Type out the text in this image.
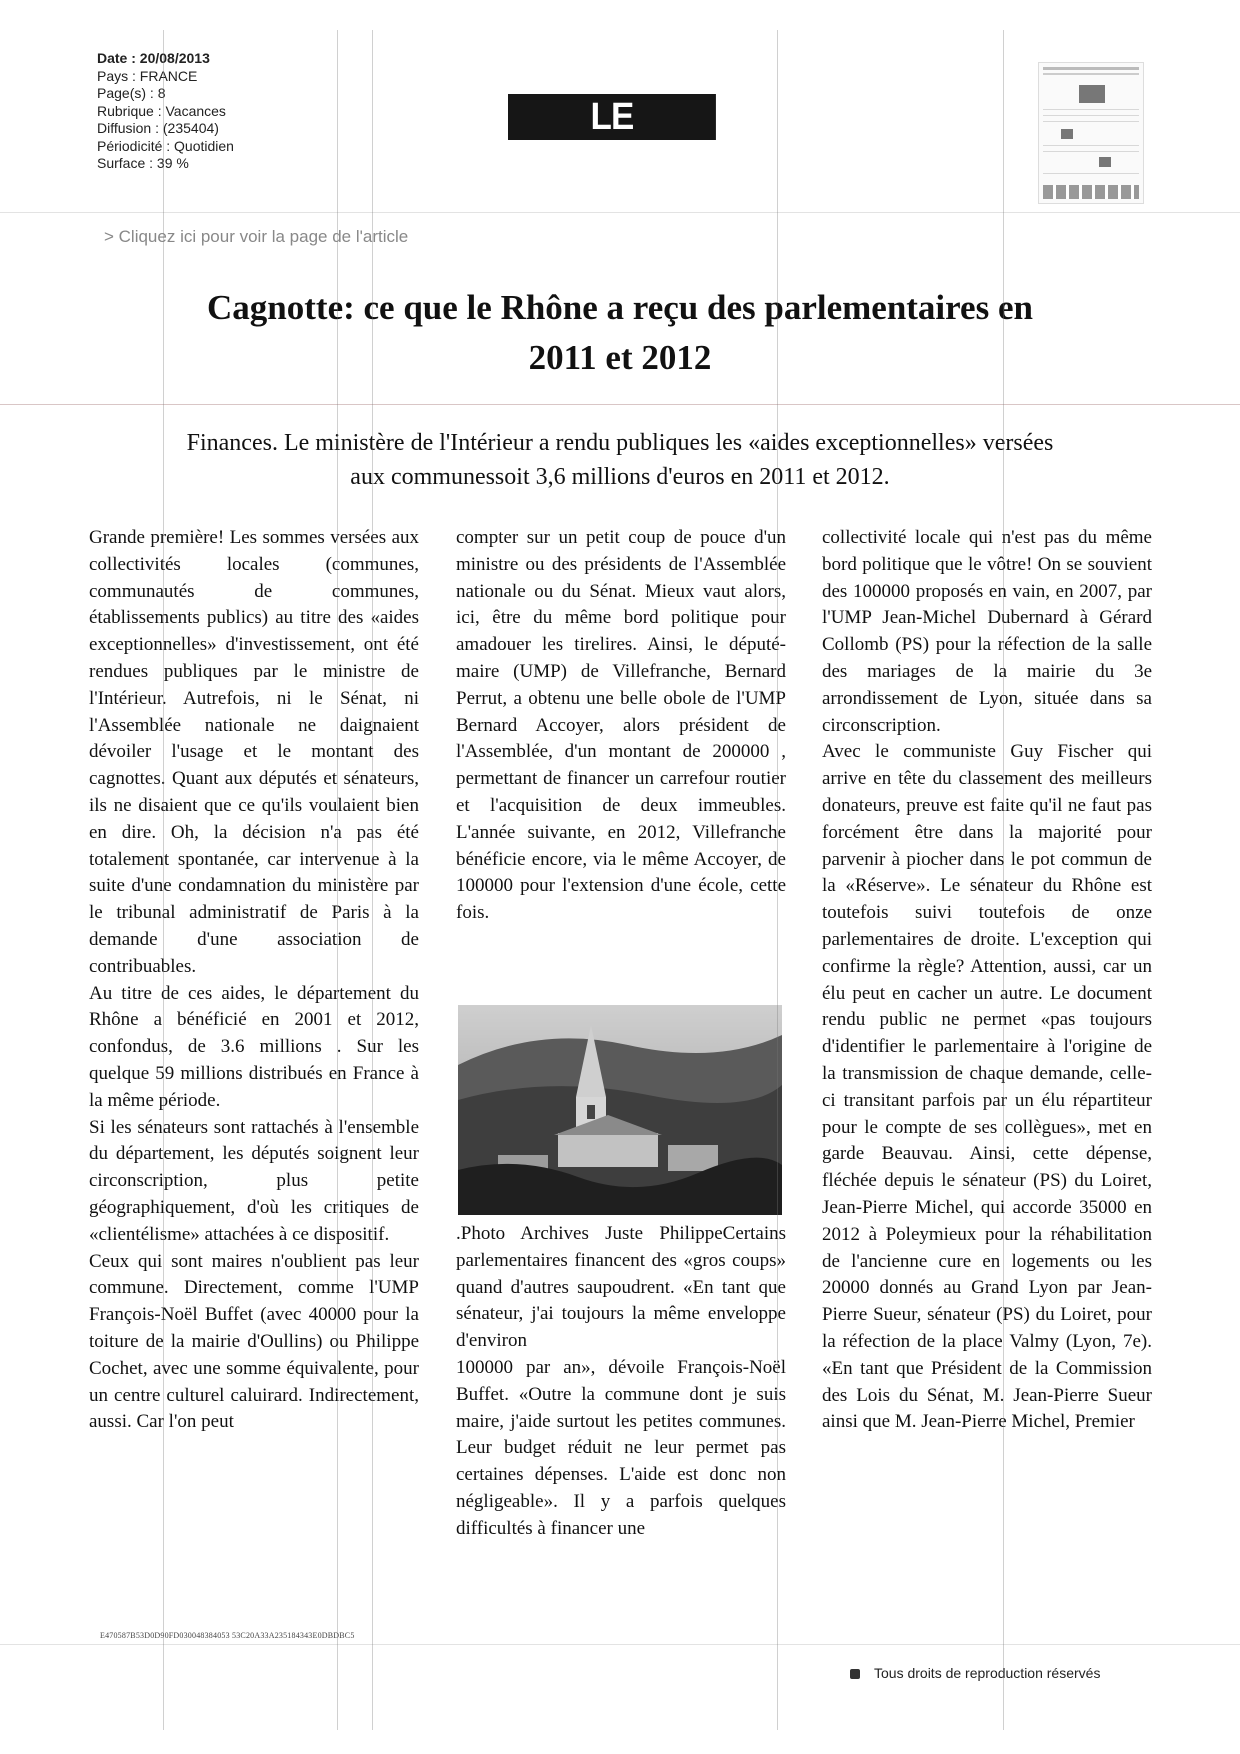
Date : 20/08/2013
Pays : FRANCE
Page(s) : 8
Rubrique : Vacances
Diffusion : (235404)
Périodicité : Quotidien
Surface : 39 %
LE PROGRÈS
> Cliquez ici pour voir la page de l'article
Cagnotte: ce que le Rhône a reçu des parlementaires en
2011 et 2012
Finances. Le ministère de l'Intérieur a rendu publiques les «aides exceptionnelles» versées
aux communessoit 3,6 millions d'euros en 2011 et 2012.

Grande première! Les sommes versées aux collectivités locales (communes, communautés de communes, établissements publics) au titre des «aides exceptionnelles» d'investissement, ont été rendues publiques par le ministre de l'Intérieur. Autrefois, ni le Sénat, ni l'Assemblée nationale ne daignaient dévoiler l'usage et le montant des cagnottes. Quant aux députés et sénateurs, ils ne disaient que ce qu'ils voulaient bien en dire. Oh, la décision n'a pas été totalement spontanée, car intervenue à la suite d'une condamnation du ministère par le tribunal administratif de Paris à la demande d'une association de contribuables.

Au titre de ces aides, le département du Rhône a bénéficié en 2001 et 2012, confondus, de 3.6 millions . Sur les quelque 59 millions distribués en France à la même période.

Si les sénateurs sont rattachés à l'ensemble du département, les députés soignent leur circonscription, plus petite géographiquement, d'où les critiques de «clientélisme» attachées à ce dispositif.

Ceux qui sont maires n'oublient pas leur commune. Directement, comme l'UMP François-Noël Buffet (avec 40000 pour la toiture de la mairie d'Oullins) ou Philippe Cochet, avec une somme équivalente, pour un centre culturel caluirard. Indirectement, aussi. Car l'on peut

compter sur un petit coup de pouce d'un ministre ou des présidents de l'Assemblée nationale ou du Sénat. Mieux vaut alors, ici, être du même bord politique pour amadouer les tirelires. Ainsi, le député-maire (UMP) de Villefranche, Bernard Perrut, a obtenu une belle obole de l'UMP Bernard Accoyer, alors président de l'Assemblée, d'un montant de 200000 , permettant de financer un carrefour routier et l'acquisition de deux immeubles. L'année suivante, en 2012, Villefranche bénéficie encore, via le même Accoyer, de 100000 pour l'extension d'une école, cette fois.

.Photo Archives Juste PhilippeCertains parlementaires financent des «gros coups» quand d'autres saupoudrent. «En tant que sénateur, j'ai toujours la même enveloppe d'environ

100000 par an», dévoile François-Noël Buffet. «Outre la commune dont je suis maire, j'aide surtout les petites communes. Leur budget réduit ne leur permet pas certaines dépenses. L'aide est donc non négligeable». Il y a parfois quelques difficultés à financer une

collectivité locale qui n'est pas du même bord politique que le vôtre! On se souvient des 100000 proposés en vain, en 2007, par l'UMP Jean-Michel Dubernard à Gérard Collomb (PS) pour la réfection de la salle des mariages de la mairie du 3e arrondissement de Lyon, située dans sa circonscription.

Avec le communiste Guy Fischer qui arrive en tête du classement des meilleurs donateurs, preuve est faite qu'il ne faut pas forcément être dans la majorité pour parvenir à piocher dans le pot commun de la «Réserve». Le sénateur du Rhône est toutefois suivi toutefois de onze parlementaires de droite. L'exception qui confirme la règle? Attention, aussi, car un élu peut en cacher un autre. Le document rendu public ne permet «pas toujours d'identifier le parlementaire à l'origine de la transmission de chaque demande, celle-ci transitant parfois par un élu répartiteur pour le compte de ses collègues», met en garde Beauvau. Ainsi, cette dépense, fléchée depuis le sénateur (PS) du Loiret, Jean-Pierre Michel, qui accorde 35000 en 2012 à Poleymieux pour la réhabilitation de l'ancienne cure en logements ou les 20000 donnés au Grand Lyon par Jean-Pierre Sueur, sénateur (PS) du Loiret, pour la réfection de la place Valmy (Lyon, 7e). «En tant que Président de la Commission des Lois du Sénat, M. Jean-Pierre Sueur ainsi que M. Jean-Pierre Michel, Premier

E470587B53D0D90FD030048384053 53C20A33A235184343E0DBDBC5
Tous droits de reproduction réservés
